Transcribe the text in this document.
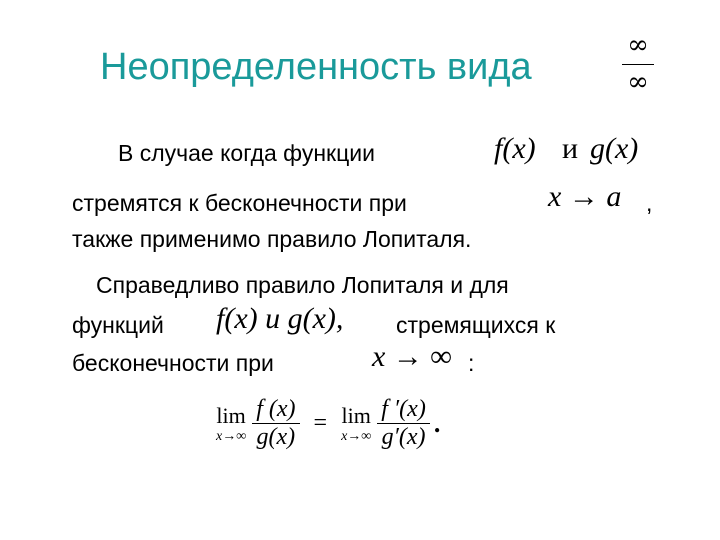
Неопределенность вида
∞
∞
В случае когда функции	f(x) и g(x)
стремятся к бесконечности при	x → a ,
также применимо правило Лопиталя.
Справедливо правило Лопиталя и для
функций f(x) и g(x), стремящихся к
бесконечности при	x → ∞ :
lim
$x\to\infty \frac{f (x)}{g(x)} = \lim$
$x\to\infty \frac{f '(x)}{g'(x)}$ .
